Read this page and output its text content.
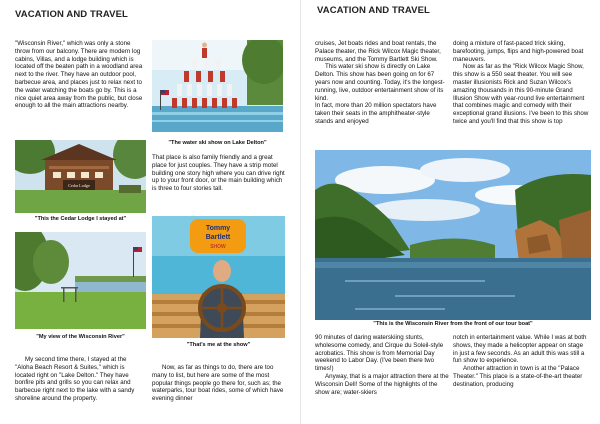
VACATION AND TRAVEL

"Wisconsin River," which was only a stone throw from our balcony. There are modern log cabins, Villas, and a lodge building which is located off the beaten path in a woodland area next to the river. They have an outdoor pool, barbecue area, and places just to relax next to the water watching the boats go by. This is a nice quiet area away from the public, but close enough to all the main attractions nearby.

"The water ski show on Lake Delton"
Cedar Lodge
"This the Cedar Lodge I stayed at"

That place is also family friendly and a great place for just couples. They have a strip motel building one story high where you can drive right up to your front door, or the main building which is three to four stories tall.

"My view of the Wisconsin River"
Tommy
Bartlett
SHOW
"That's me at the show"

My second time there, I stayed at the "Aloha Beach Resort & Suites," which is located right on "Lake Delton." They have bonfire pits and grills so you can relax and barbecue right next to the lake with a sandy shoreline around the property.

Now, as far as things to do, there are too many to list, but here are some of the most popular things people go there for, such as; the waterparks, tour boat rides, some of which have evening dinner

VACATION AND TRAVEL

cruises, Jet boats rides and boat rentals, the Palace theater, the Rick Wilcox Magic theater, museums, and the Tommy Bartlett Ski Show.

This water ski show is directly on Lake Delton. This show has been going on for 67 years now and counting. Today, it's the longest-running, live, outdoor entertainment show of its kind.

In fact, more than 20 million spectators have taken their seats in the amphitheater-style stands and enjoyed

doing a mixture of fast-paced trick skiing, barefooting, jumps, flips and high-powered boat maneuvers.

Now as far as the "Rick Wilcox Magic Show, this show is a 550 seat theater. You will see master illusionists Rick and Suzan Wilcox's amazing thousands in this 90-minute Grand Illusion Show with year-round live entertainment that combines magic and comedy with their exceptional grand illusions. I've been to this show twice and you'll find that this show is top

"This is the Wisconsin River from the front of our tour boat"

90 minutes of daring waterskiing stunts, wholesome comedy, and Cirque du Soleil-style acrobatics. This show is from Memorial Day weekend to Labor Day. (I've been there two times!)

Anyway, that is a major attraction there at the Wisconsin Dell! Some of the highlights of the show are; water-skiers

notch in entertainment value. While I was at both shows, they made a helicopter appear on stage in just a few seconds. As an adult this was still a fun show to experience.

Another attraction in town is at the "Palace Theater." This place is a state-of-the-art theater destination, producing
